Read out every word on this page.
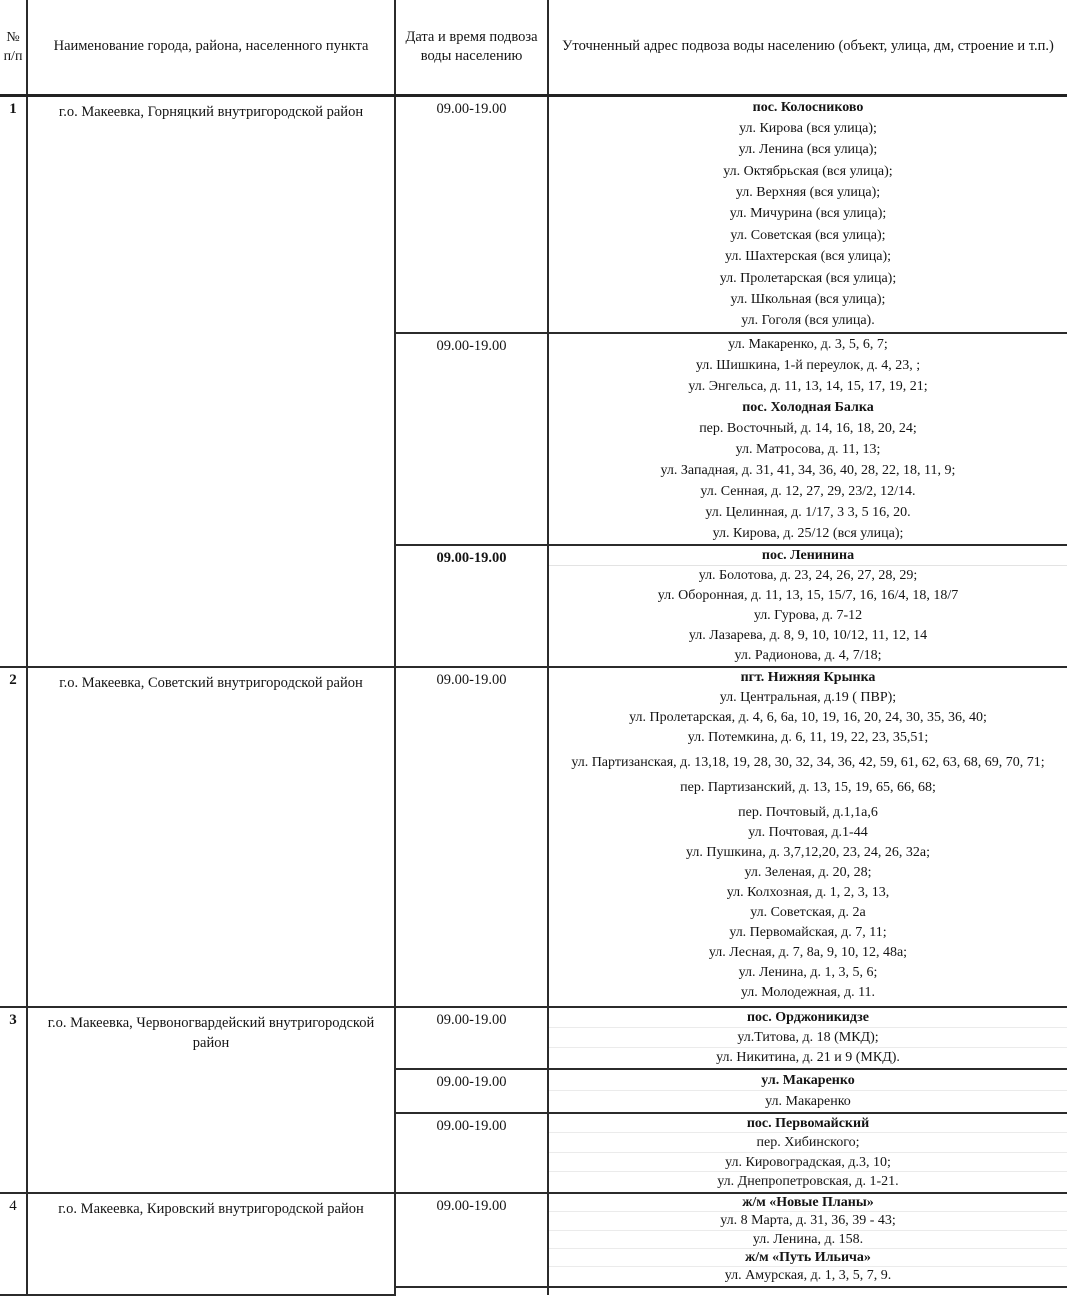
№ п/п	Наименование города, района, населенного пункта	Дата и время подвоза воды населению	Уточненный адрес подвоза воды населению (объект, улица, дм, строение и т.п.)
1	г.о. Макеевка, Горняцкий внутригородской район	09.00-19.00	пос. Колосниково
ул. Кирова (вся улица);
ул. Ленина (вся улица);
ул. Октябрьская (вся улица);
ул. Верхняя (вся улица);
ул. Мичурина (вся улица);
ул. Советская (вся улица);
ул. Шахтерская (вся улица);
ул. Пролетарская (вся улица);
ул. Школьная (вся улица);
ул. Гоголя (вся улица).

09.00-19.00	ул. Макаренко, д. 3, 5, 6, 7;
ул. Шишкина, 1-й переулок, д. 4, 23, ;
ул. Энгельса, д. 11, 13, 14, 15, 17, 19, 21;
пос. Холодная Балка
пер. Восточный, д. 14, 16, 18, 20, 24;
ул. Матросова, д. 11, 13;
ул. Западная, д. 31, 41, 34, 36, 40, 28, 22, 18, 11, 9;
ул. Сенная, д. 12, 27, 29, 23/2, 12/14.
ул. Целинная, д. 1/17, 3 3, 5 16, 20.
ул. Кирова, д. 25/12 (вся улица);

09.00-19.00	пос. Ленинина
ул. Болотова, д. 23, 24, 26, 27, 28, 29;
ул. Оборонная, д. 11, 13, 15, 15/7, 16, 16/4, 18, 18/7
ул. Гурова, д. 7-12
ул. Лазарева, д. 8, 9, 10, 10/12, 11, 12, 14
ул. Радионова, д. 4, 7/18;

2	г.о. Макеевка, Советский внутригородской район	09.00-19.00	пгт. Нижняя Крынка
ул. Центральная, д.19 ( ПВР);
ул. Пролетарская, д. 4, 6, 6а, 10, 19, 16, 20, 24, 30, 35, 36, 40;
ул. Потемкина, д. 6, 11, 19, 22, 23, 35,51;
ул. Партизанская, д. 13,18, 19, 28, 30, 32, 34, 36, 42, 59, 61, 62, 63, 68, 69, 70, 71;
пер. Партизанский, д. 13, 15, 19, 65, 66, 68;
пер. Почтовый, д.1,1а,6
ул. Почтовая, д.1-44
ул. Пушкина, д. 3,7,12,20, 23, 24, 26, 32а;
ул. Зеленая, д. 20, 28;
ул. Колхозная, д. 1, 2, 3, 13,
ул. Советская, д. 2а
ул. Первомайская, д. 7, 11;
ул. Лесная, д. 7, 8а, 9, 10, 12, 48а;
ул. Ленина, д. 1, 3, 5, 6;
ул. Молодежная, д. 11.

3	г.о. Макеевка, Червоногвардейский внутригородской район	09.00-19.00	пос. Орджоникидзе
ул.Титова, д. 18 (МКД);
ул. Никитина, д. 21 и 9 (МКД).

		09.00-19.00	ул. Макаренко
ул. Макаренко

		09.00-19.00	пос. Первомайский
пер. Хибинского;
ул. Кировоградская, д.3, 10;
ул. Днепропетровская, д. 1-21.

4	г.о. Макеевка, Кировский внутригородской район	09.00-19.00	ж/м «Новые Планы»
ул. 8 Марта, д. 31, 36, 39 - 43;
ул. Ленина, д. 158.
ж/м «Путь Ильича»
ул. Амурская, д. 1, 3, 5, 7, 9.
